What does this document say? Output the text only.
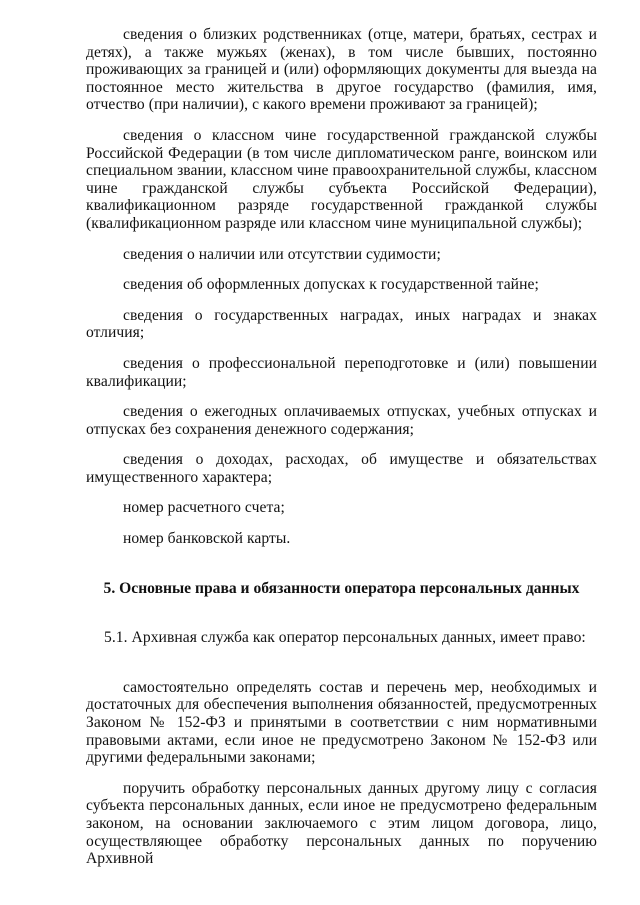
сведения о близких родственниках (отце, матери, братьях, сестрах и детях), а также мужьях (женах), в том числе бывших, постоянно проживающих за границей и (или) оформляющих документы для выезда на постоянное место жительства в другое государство (фамилия, имя, отчество (при наличии), с какого времени проживают за границей);

сведения о классном чине государственной гражданской службы Российской Федерации (в том числе дипломатическом ранге, воинском или специальном звании, классном чине правоохранительной службы, классном чине гражданской службы субъекта Российской Федерации), квалификационном разряде государственной гражданкой службы (квалификационном разряде или классном чине муниципальной службы);

сведения о наличии или отсутствии судимости;

сведения об оформленных допусках к государственной тайне;

сведения о государственных наградах, иных наградах и знаках отличия;

сведения о профессиональной переподготовке и (или) повышении квалификации;

сведения о ежегодных оплачиваемых отпусках, учебных отпусках и отпусках без сохранения денежного содержания;

сведения о доходах, расходах, об имуществе и обязательствах имущественного характера;

номер расчетного счета;

номер банковской карты.

5. Основные права и обязанности оператора персональных данных

5.1. Архивная служба как оператор персональных данных, имеет право:

самостоятельно определять состав и перечень мер, необходимых и достаточных для обеспечения выполнения обязанностей, предусмотренных Законом № 152-ФЗ и принятыми в соответствии с ним нормативными правовыми актами, если иное не предусмотрено Законом № 152-ФЗ или другими федеральными законами;

поручить обработку персональных данных другому лицу с согласия субъекта персональных данных, если иное не предусмотрено федеральным законом, на основании заключаемого с этим лицом договора, лицо, осуществляющее обработку персональных данных по поручению Архивной
